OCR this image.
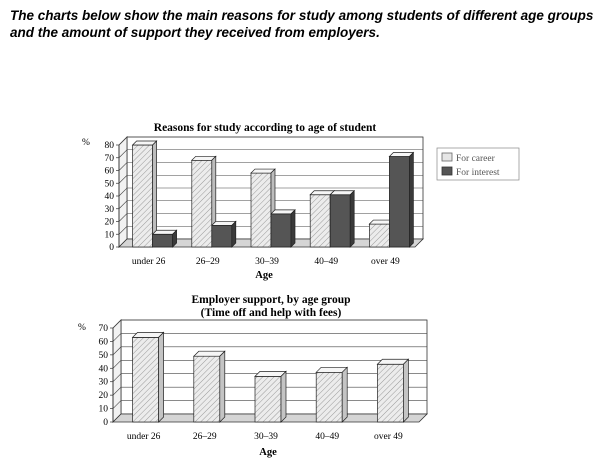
The charts below show the main reasons for study among students of different age groups and the amount of support they received from employers.
Reasons for study according to age of student
%
Age
For career
For interest
Employer support, by age group
(Time off and help with fees)
%
Age
0
10
20
30
40
50
60
70
80
under 26	26–29	30–39	40–49	over 49
0
10
20
30
40
50
60
70
under 26	26–29	30–39	40–49	over 49
